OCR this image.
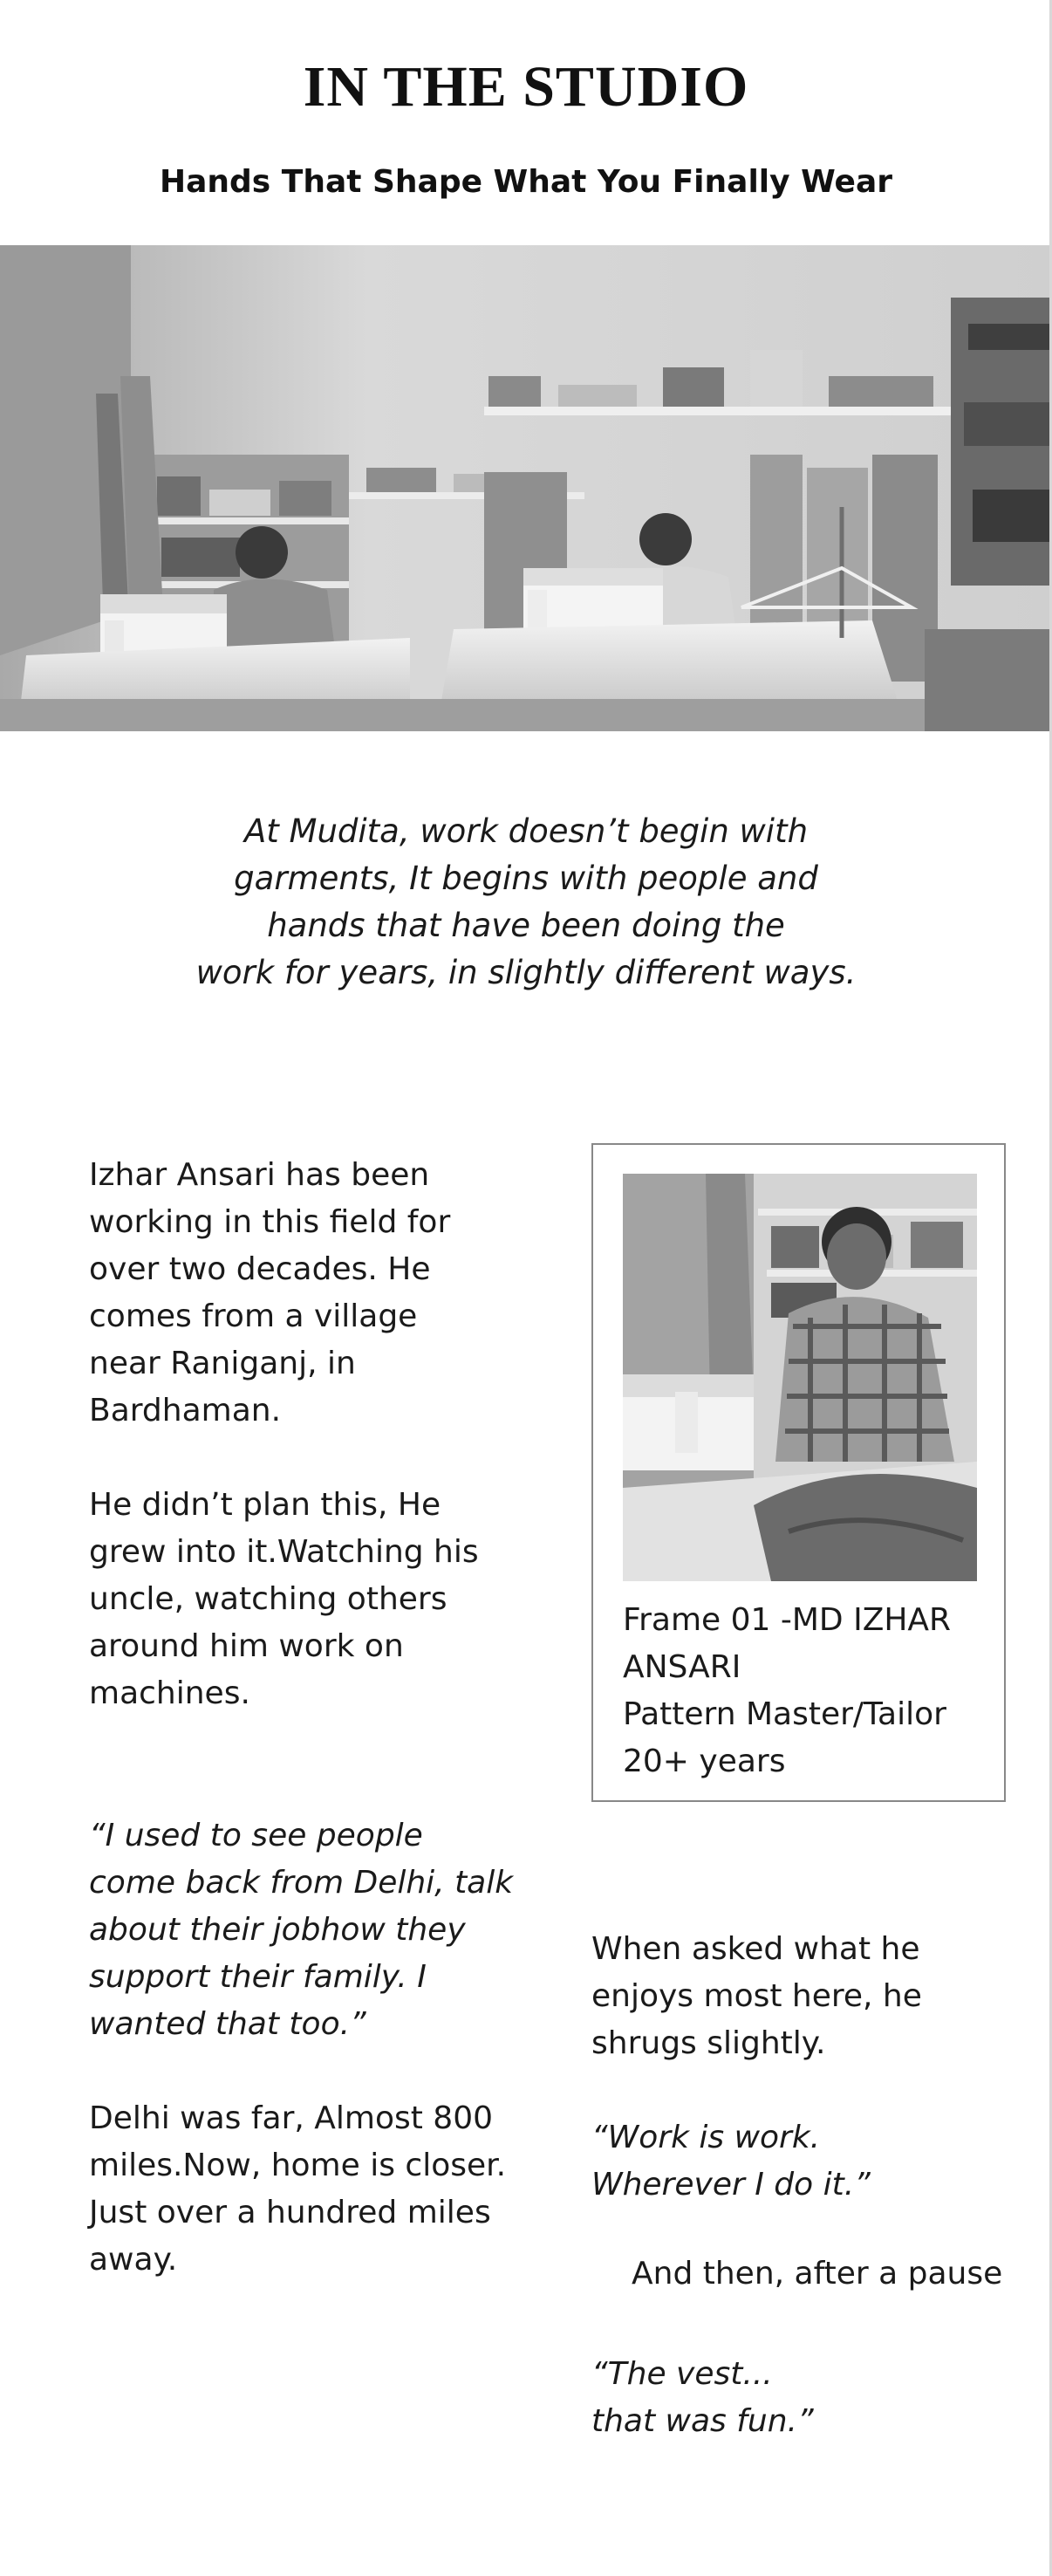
IN THE STUDIO
Hands That Shape What You Finally Wear
At Mudita, work doesn’t begin with
garments, It begins with people and
hands that have been doing the
work for years, in slightly different ways.
Izhar Ansari has been
working in this field for
over two decades. He
comes from a village
near Raniganj, in
Bardhaman.
He didn’t plan this, He
grew into it.Watching his
uncle, watching others
around him work on
machines.
“I used to see people
come back from Delhi, talk
about their jobhow they
support their family. I
wanted that too.”
Delhi was far, Almost 800
miles.Now, home is closer.
Just over a hundred miles
away.
Frame 01 -MD IZHAR
ANSARI
Pattern Master/Tailor
20+ years
When asked what he
enjoys most here, he
shrugs slightly.
“Work is work.
Wherever I do it.”
And then, after a pause
“The vest...
that was fun.”
